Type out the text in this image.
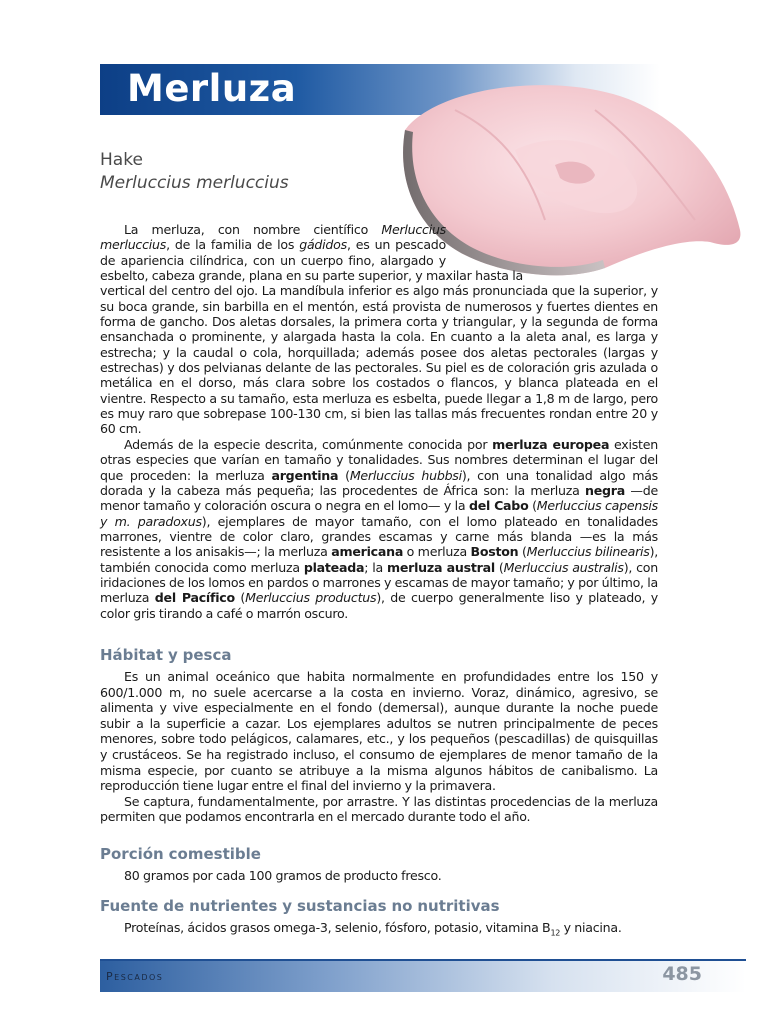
Merluza
Hake
Merluccius merluccius

La merluza, con nombre científico Merluccius merluccius, de la familia de los gádidos, es un pescado de apariencia cilíndrica, con un cuerpo fino, alargado y esbelto, cabeza grande, plana en su parte superior, y maxilar hasta la vertical del centro del ojo. La mandíbula inferior es algo más pronunciada que la superior, y su boca grande, sin barbilla en el mentón, está provista de numerosos y fuertes dientes en forma de gancho. Dos aletas dorsales, la primera corta y triangular, y la segunda de forma ensanchada o prominente, y alargada hasta la cola. En cuanto a la aleta anal, es larga y estrecha; y la caudal o cola, horquillada; además posee dos aletas pectorales (largas y estrechas) y dos pelvianas delante de las pectorales. Su piel es de coloración gris azulada o metálica en el dorso, más clara sobre los costados o flancos, y blanca plateada en el vientre. Respecto a su tamaño, esta merluza es esbelta, puede llegar a 1,8 m de largo, pero es muy raro que sobrepase 100-130 cm, si bien las tallas más frecuentes rondan entre 20 y 60 cm.

Además de la especie descrita, comúnmente conocida por merluza europea existen otras especies que varían en tamaño y tonalidades. Sus nombres determinan el lugar del que proceden: la merluza argentina (Merluccius hubbsi), con una tonalidad algo más dorada y la cabeza más pequeña; las procedentes de África son: la merluza negra —de menor tamaño y coloración oscura o negra en el lomo— y la del Cabo (Merluccius capensis y m. paradoxus), ejemplares de mayor tamaño, con el lomo plateado en tonalidades marrones, vientre de color claro, grandes escamas y carne más blanda —es la más resistente a los anisakis—; la merluza americana o merluza Boston (Merluccius bilinearis), también conocida como merluza plateada; la merluza austral (Merluccius australis), con iridaciones de los lomos en pardos o marrones y escamas de mayor tamaño; y por último, la merluza del Pacífico (Merluccius productus), de cuerpo generalmente liso y plateado, y color gris tirando a café o marrón oscuro.

Hábitat y pesca

Es un animal oceánico que habita normalmente en profundidades entre los 150 y 600/1.000 m, no suele acercarse a la costa en invierno. Voraz, dinámico, agresivo, se alimenta y vive especialmente en el fondo (demersal), aunque durante la noche puede subir a la superficie a cazar. Los ejemplares adultos se nutren principalmente de peces menores, sobre todo pelágicos, calamares, etc., y los pequeños (pescadillas) de quisquillas y crustáceos. Se ha registrado incluso, el consumo de ejemplares de menor tamaño de la misma especie, por cuanto se atribuye a la misma algunos hábitos de canibalismo. La reproducción tiene lugar entre el final del invierno y la primavera.

Se captura, fundamentalmente, por arrastre. Y las distintas procedencias de la merluza permiten que podamos encontrarla en el mercado durante todo el año.

Porción comestible

80 gramos por cada 100 gramos de producto fresco.

Fuente de nutrientes y sustancias no nutritivas

Proteínas, ácidos grasos omega-3, selenio, fósforo, potasio, vitamina $B_{12}$ y niacina.

Pescados	485
